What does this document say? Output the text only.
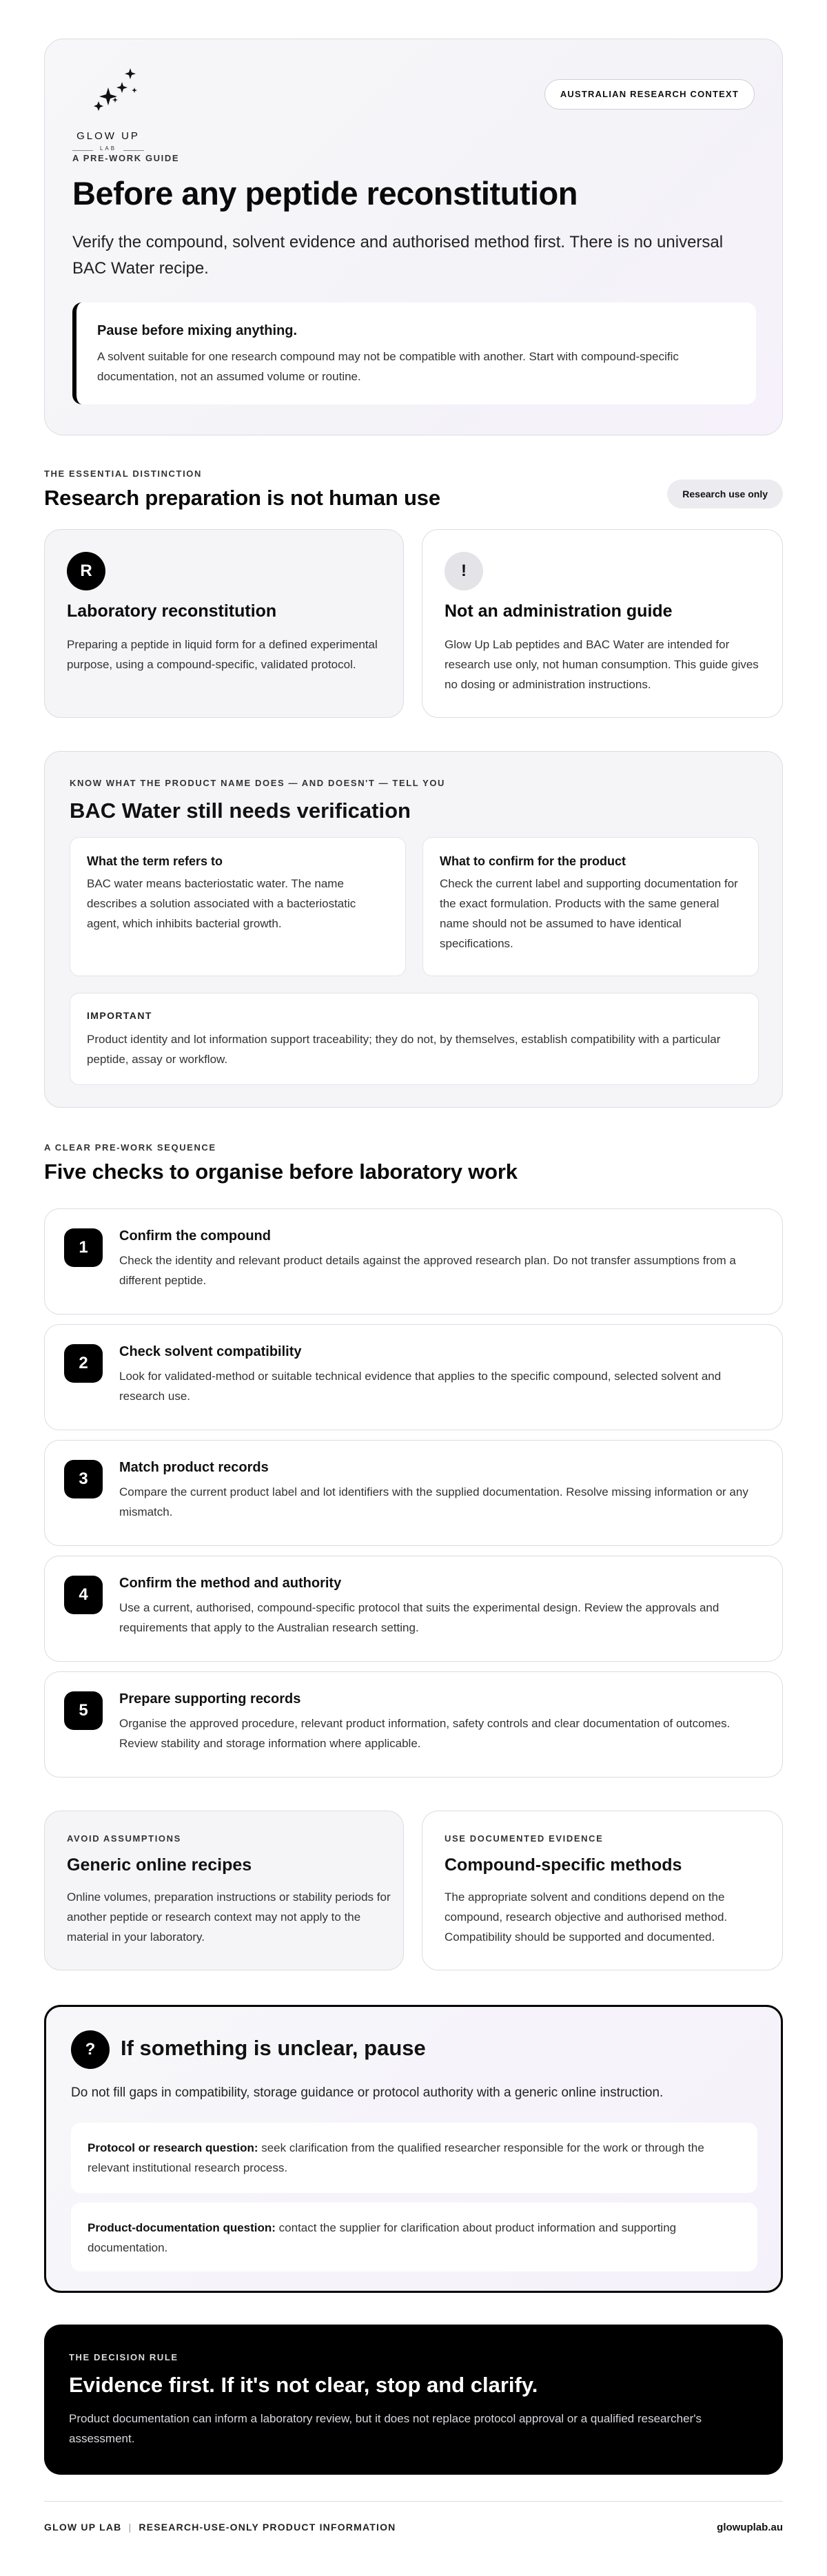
GLOW UP
LAB
AUSTRALIAN RESEARCH CONTEXT
A PRE-WORK GUIDE
Before any peptide reconstitution

Verify the compound, solvent evidence and authorised method first. There is no universal BAC Water recipe.

Pause before mixing anything.

A solvent suitable for one research compound may not be compatible with another. Start with compound-specific documentation, not an assumed volume or routine.

THE ESSENTIAL DISTINCTION
Research preparation is not human use	Research use only
R
Laboratory reconstitution

Preparing a peptide in liquid form for a defined experimental purpose, using a compound-specific, validated protocol.

!
Not an administration guide

Glow Up Lab peptides and BAC Water are intended for research use only, not human consumption. This guide gives no dosing or administration instructions.

KNOW WHAT THE PRODUCT NAME DOES — AND DOESN'T — TELL YOU
BAC Water still needs verification
What the term refers to

BAC water means bacteriostatic water. The name describes a solution associated with a bacteriostatic agent, which inhibits bacterial growth.

What to confirm for the product

Check the current label and supporting documentation for the exact formulation. Products with the same general name should not be assumed to have identical specifications.

IMPORTANT

Product identity and lot information support traceability; they do not, by themselves, establish compatibility with a particular peptide, assay or workflow.

A CLEAR PRE-WORK SEQUENCE
Five checks to organise before laboratory work
1
Confirm the compound

Check the identity and relevant product details against the approved research plan. Do not transfer assumptions from a different peptide.

2
Check solvent compatibility

Look for validated-method or suitable technical evidence that applies to the specific compound, selected solvent and research use.

3
Match product records

Compare the current product label and lot identifiers with the supplied documentation. Resolve missing information or any mismatch.

4
Confirm the method and authority

Use a current, authorised, compound-specific protocol that suits the experimental design. Review the approvals and requirements that apply to the Australian research setting.

5
Prepare supporting records

Organise the approved procedure, relevant product information, safety controls and clear documentation of outcomes. Review stability and storage information where applicable.

AVOID ASSUMPTIONS
Generic online recipes

Online volumes, preparation instructions or stability periods for another peptide or research context may not apply to the material in your laboratory.

USE DOCUMENTED EVIDENCE
Compound-specific methods

The appropriate solvent and conditions depend on the compound, research objective and authorised method. Compatibility should be supported and documented.

?	If something is unclear, pause

Do not fill gaps in compatibility, storage guidance or protocol authority with a generic online instruction.

Protocol or research question: seek clarification from the qualified researcher responsible for the work or through the relevant institutional research process.

Product-documentation question: contact the supplier for clarification about product information and supporting documentation.

THE DECISION RULE
Evidence first. If it's not clear, stop and clarify.

Product documentation can inform a laboratory review, but it does not replace protocol approval or a qualified researcher's assessment.

GLOW UP LAB | RESEARCH-USE-ONLY PRODUCT INFORMATION	glowuplab.au
